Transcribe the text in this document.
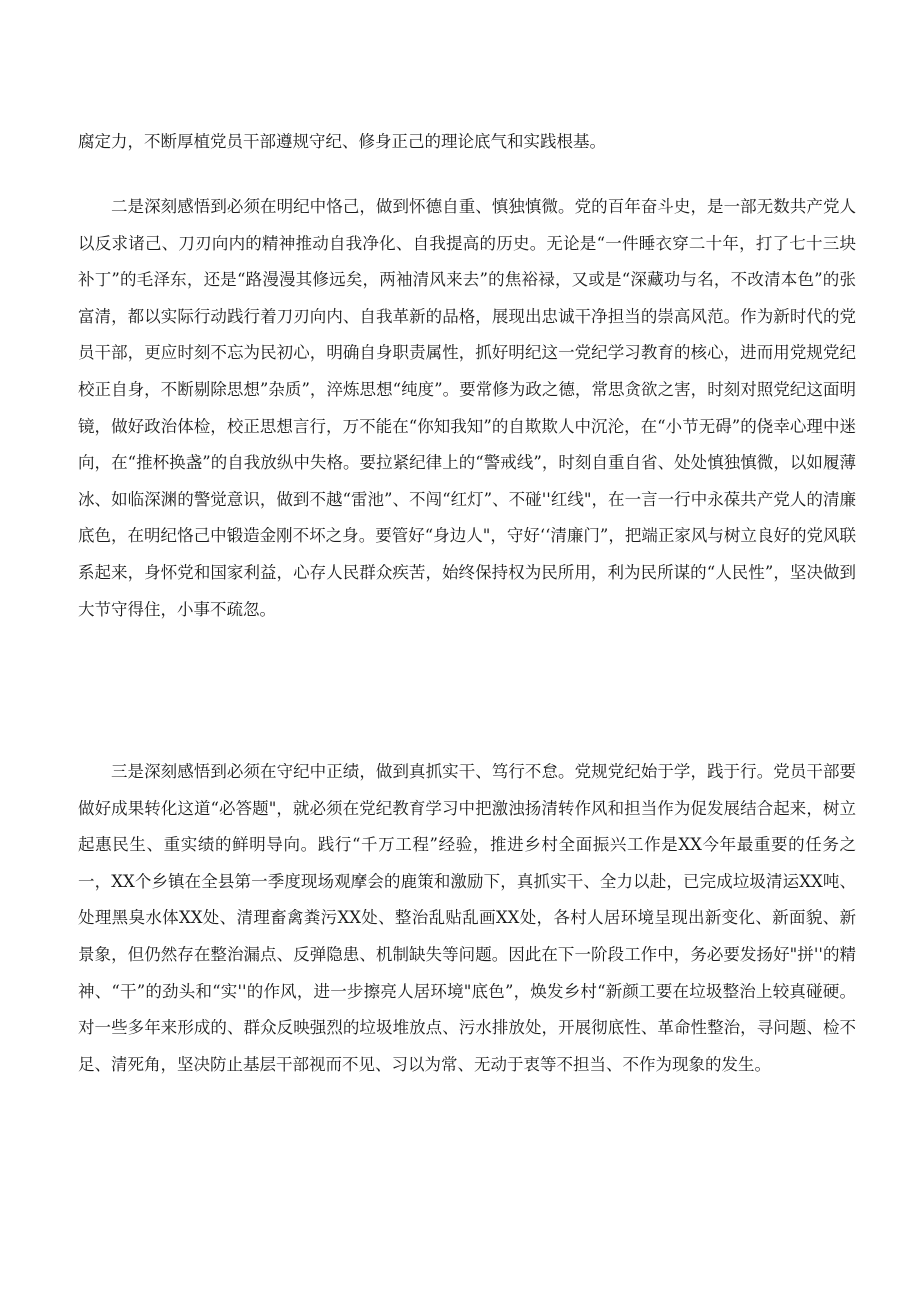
腐定力，不断厚植党员干部遵规守纪、修身正己的理论底气和实践根基。

二是深刻感悟到必须在明纪中恪己，做到怀德自重、慎独慎微。党的百年奋斗史，是一部无数共产党人以反求诸己、刀刃向内的精神推动自我净化、自我提高的历史。无论是“一件睡衣穿二十年，打了七十三块补丁”的毛泽东，还是“路漫漫其修远矣，两袖清风来去”的焦裕禄，又或是“深藏功与名，不改清本色”的张富清，都以实际行动践行着刀刃向内、自我革新的品格，展现出忠诚干净担当的崇高风范。作为新时代的党员干部，更应时刻不忘为民初心，明确自身职责属性，抓好明纪这一党纪学习教育的核心，进而用党规党纪校正自身，不断剔除思想”杂质”，淬炼思想“纯度”。要常修为政之德，常思贪欲之害，时刻对照党纪这面明镜，做好政治体检，校正思想言行，万不能在“你知我知”的自欺欺人中沉沦，在“小节无碍”的侥幸心理中迷向，在“推杯换盏”的自我放纵中失格。要拉紧纪律上的“警戒线”，时刻自重自省、处处慎独慎微，以如履薄冰、如临深渊的警觉意识，做到不越“雷池”、不闯“红灯”、不碰''红线"，在一言一行中永葆共产党人的清廉底色，在明纪恪己中锻造金刚不坏之身。要管好“身边人"，守好‘‘清廉门”，把端正家风与树立良好的党风联系起来，身怀党和国家利益，心存人民群众疾苦，始终保持权为民所用，利为民所谋的“人民性”，坚决做到大节守得住，小事不疏忽。

三是深刻感悟到必须在守纪中正绩，做到真抓实干、笃行不怠。党规党纪始于学，践于行。党员干部要做好成果转化这道“必答题"，就必须在党纪教育学习中把激浊扬清转作风和担当作为促发展结合起来，树立起惠民生、重实绩的鲜明导向。践行“千万工程”经验，推进乡村全面振兴工作是XX今年最重要的任务之一，XX个乡镇在全县第一季度现场观摩会的鹿策和激励下，真抓实干、全力以赴，已完成垃圾清运XX吨、处理黑臭水体XX处、清理畜禽粪污XX处、整治乱贴乱画XX处，各村人居环境呈现出新变化、新面貌、新景象，但仍然存在整治漏点、反弹隐患、机制缺失等问题。因此在下一阶段工作中，务必要发扬好"拼''的精神、“干”的劲头和“实''的作风，进一步擦亮人居环境"底色”，焕发乡村“新颜工要在垃圾整治上较真碰硬。对一些多年来形成的、群众反映强烈的垃圾堆放点、污水排放处，开展彻底性、革命性整治，寻问题、检不足、清死角，坚决防止基层干部视而不见、习以为常、无动于衷等不担当、不作为现象的发生。
